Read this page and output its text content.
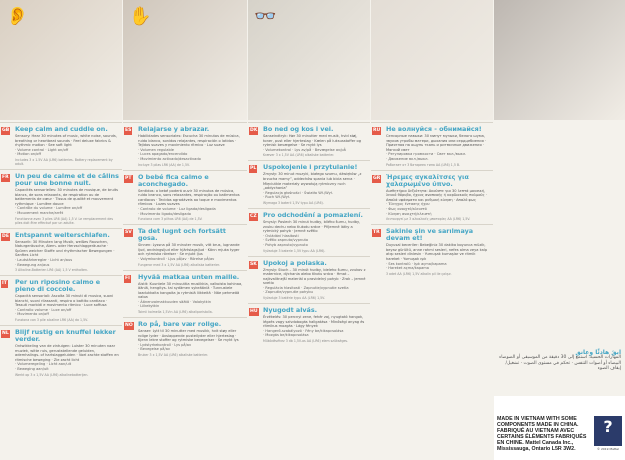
👂	✋	👓
GB Keep calm and cuddle on.
Sensory: Hear 30 minutes of music, white noise, sounds, breathing or heartbeat sounds · Feel deluxe fabrics & rhythmic motion · See soft light
· Volume control · Light on/off
· Motion on/off
Includes 3 x 1.5V AA (LR6) batteries. Battery replacement by adult.
FR Un peu de calme et de câlins pour une bonne nuit.
Capacités sensorielles: 30 minutes de musique, de bruits blancs, de sons relaxants, de respiration ou de battements de cœur · Tissus de qualité et mouvement rythmique · Lumière douce
· Contrôle du volume · Lumière on/off
· Mouvement marche/arrêt
Fonctionne avec 3 piles LR6 (AA) 1,5 V. Le remplacement des piles doit être effectué par un adulte.
DE Entspannt weiterschlafen.
Sensorik: 30 Minuten lang Musik, weißes Rauschen, Naturgeräusche, Atem- oder Herzschlaggeräusche · Spüren weicher Stoffe und rhythmischer Bewegungen · Sanftes Licht
· Lautstärkeregler · Licht an/aus
· Bewegung an/aus
3 Alkaline-Batterien LR6 (AA) 1,5 V enthalten.
IT Per un riposino calmo e pieno di coccole.
Capacità sensoriali: Ascolta 30 minuti di musica, suoni bianchi, suoni rilassanti, respiro o battito cardiaco · Tessuti morbidi e movimento ritmico · Luce soffusa
· Controllo volume · Luce on/off
· Movimento on/off
Funziona con 3 pile alcaline LR6 (AA) da 1,5V.
NL Blijf rustig en knuffel lekker verder.
Ontwikkeling van de zintuigen: Luister 30 minuten naar muziek, witte ruis, geruststellende geluiden, ademhalings- of hartslaggeluiden · Voel zachte stoffen en ritmische beweging · Zie zacht licht
· Volumeregeling · Licht aan/uit
· Beweging aan/uit
Werkt op 3 x 1,5V AA (LR6) alkalinebatterijen.
ES Relajarse y abrazar.
Habilidades sensoriales: Escucha 30 minutos de música, ruido blanco, sonidos relajantes, respiración o latidos · Tejidos suaves y movimiento rítmico · Luz suave
· Volumen regulable
· Luces apagado/encendido
· Movimiento activado/desactivado
Incluye 3 pilas LR6 (AA) de 1,5V.
PT O bebé fica calmo e aconchegado.
Sentidos: o bebé poderá ouvir 30 minutos de música, ruído branco, sons relaxantes, respiração ou batimentos cardíacos · Tecidos agradáveis ao toque e movimentos rítmicos · Luzes suaves
· Controlo de volume · Luz ligada/desligada
· Movimento ligado/desligado
Funciona com 3 pilhas LR6 (AA) de 1,5V.
SV Ta det lugnt och fortsätt gosa.
Sinnen: Lyssna på 30 minuter musik, vitt brus, lugnande ljud, andningsljud eller hjärtslagsljud · Känn mjuka tyger och rytmiska rörelser · Se mjukt ljus
· Volymkontroll · Ljus på/av · Rörelse på/av
Fungerar med 3 x 1,5V AA (LR6) alkaliska batterier.
FI Hyvää matkaa unten maille.
Aistit: Kuuntele 30 minuuttia musiikkia, valkoista kohinaa, ääniä, hengitys- tai sydämen sykeääniä · Tunnustele laadukkaita kangaita ja rytmisiä liikkeitä · Näe pehmeää valoa
· Äänenvoimakkuuden säätö · Valokytkin
· Liikekytkin
Toimii kolmella 1,5V:n AA (LR6) alkaliparistolla.
NO Ro på, bare vær rolige.
Sanser: Lytt til 30 minutter med musikk, hvit støy eller rolige lyder · Avslappende pusteilyder eller hjerteslag · Kjenn lekre stoffer og rytmiske bevegelser · Se mykt lys
· Lydstyrkekontroll · Lys på/av
· Bevegelse på/av
Bruker 3 x 1,5V AA (LR6) alkaliske batterier.
DK Bo ned og kos i vei.
Sanseindtryk: Hør 30 minutter med musik, hvid støj, toner, pust eller hjerteslag · Kælen på luksusstoffer og rytmisk bevægelse · Se mykt lys
· Volumekontrol · Lys av/på · Bevægelse av/på
Kræver 3 x 1,5V AA (LR6) alkaliske batterier.
PL Uspokojenie i przytulanie!
Zmysły: 30 minut muzyki, białego szumu, dźwięków „z brzucha mamy”, oddechów spania lub bicia serca · Mięciutkie materiały wywołują rytmiczny ruch „oddychania”
· Regulacja głośności · Światło Wł./Wył.
· Ruch Wł./Wył.
Wymaga 3 baterii 1,5V typu AA (LR6).
CZ Pro odchodění a pomazlení.
Smysly: Poslech 30 minut hudby, bílého šumu, hudby, zvuku dechu nebo tlukotu srdce · Příjemné látky a rytmický pohyb · Jemné světlo
· Ovládání hlasitosti
· Světlo zapnuto/vypnuto
· Pohyb zapnuto/vypnuto
Vyžaduje 3 baterie 1,5V typu AA (LR6).
SK Upokoj a polaska.
Zmysly: Stuch – 30 minút hudby, bieleho šumu, zvukov z maternice, dýchania alebo tlkotu srdca · Hmat – najkvalitnejší materiál a pravidelný pohyb · Zrak – jemné svetlo
· Regulácia hlasitosti · Zapnutie/vypnutie svetla
· Zapnutie/vypnutie pohybu
Vyžaduje 3 batérie typu AA (LR6) 1,5V.
HU Nyugodt alvás.
Érzékelés: 30 percnyi zene, fehér zaj, nyugtató hangok, légzés vagy szívdobogás hallgatása · Minőségi anyag és ritmikus mozgás · Lágy fények
· Hangerő-szabályozó · Fény be/kikapcsolása
· Mozgás be/kikapcsolása
Működéséhez 3 db 1,5V-os AA (LR6) elem szükséges.
RU Не волнуйся - обнимайся!
Сенсорные навыки: 30 минут музыки, белого шума, звуков утробы матери, дыхания или сердцебиения · Приятная на ощупь ткань и ритмичные движения · Мягкий свет
· Регулировка громкости · Свет вкл./выкл.
· Движение вкл./выкл.
Работает от 3 батареек типа АА (LR6) 1,5 В.
GR Ήρεμες αγκαλίτσες για χαλαρωμένο ύπνο.
Αισθητήρια δεξιότητα: Ακούστε για 30 λεπτά μουσική, λευκό θόρυβο, ήχους αναπνοής ή καρδιακούς παλμούς · Απαλά υφάσματα και ρυθμική κίνηση · Απαλό φως
· Έλεγχος έντασης ήχου
· Φως ανοιχτό/κλειστό
· Κίνηση ανοιχτή/κλειστή
Λειτουργεί με 3 αλκαλικές μπαταρίες ΑΑ (LR6) 1,5V.
TR Sakinle şin ve sarılmaya devam et!
Duyusal beceriler: Bebeğiniz 30 dakika boyunca müzik, beyaz gürültü, anne rahmi sesleri, nefes alma veya kalp atışı sesleri dinlesin · Yumuşak kumaşlar ve ritmik hareket · Yumuşak ışık
· Ses kontrolü · Işık açma/kapama
· Hareket açma/kapama
3 adet AA (LR6) 1,5V alkalin pil ile çalışır.
ابقَ هادئًا وعانق
المهارات الحسية: استمع إلى 30 دقيقة من الموسيقى أو الضوضاء البيضاء أو أصوات التنفس · تحكم في مستوى الصوت · تشغيل/إيقاف الضوء
MADE IN VIETNAM WITH SOME COMPONENTS MADE IN CHINA. FABRIQUÉ AU VIETNAM AVEC CERTAINS ÉLÉMENTS FABRIQUÉS EN CHINE. Mattel Canada Inc., Mississauga, Ontario L5R 3W2.
?
© 2019 Mattel
